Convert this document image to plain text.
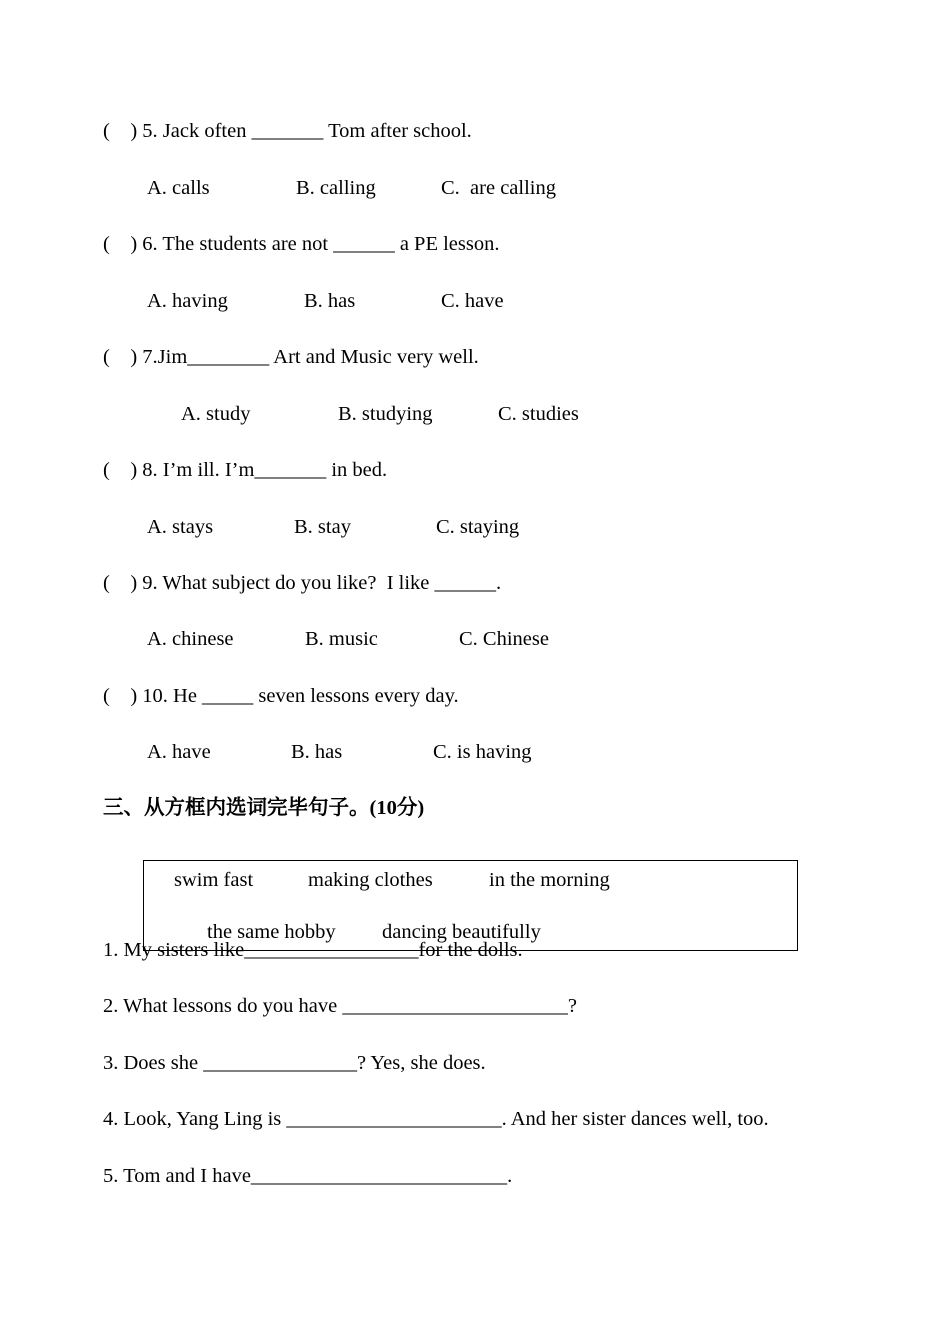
(    ) 5. Jack often _______ Tom after school.
A. calls	B. calling	C.  are calling
(    ) 6. The students are not ______ a PE lesson.
A. having	B. has	C. have
(    ) 7.Jim________ Art and Music very well.
A. study	B. studying	C. studies
(    ) 8. I’m ill. I’m_______ in bed.
A. stays	B. stay	C. staying
(    ) 9. What subject do you like?  I like ______.
A. chinese	B. music	C. Chinese
(    ) 10. He _____ seven lessons every day.
A. have	B. has	C. is having
三、从方框内选词完毕句子。(10分)
swim fast	making clothes	in the morning
the same hobby dancing beautifully
1. My sisters like_________________for the dolls.
2. What lessons do you have ______________________?
3. Does she _______________? Yes, she does.
4. Look, Yang Ling is _____________________. And her sister dances well, too.
5. Tom and I have_________________________.
